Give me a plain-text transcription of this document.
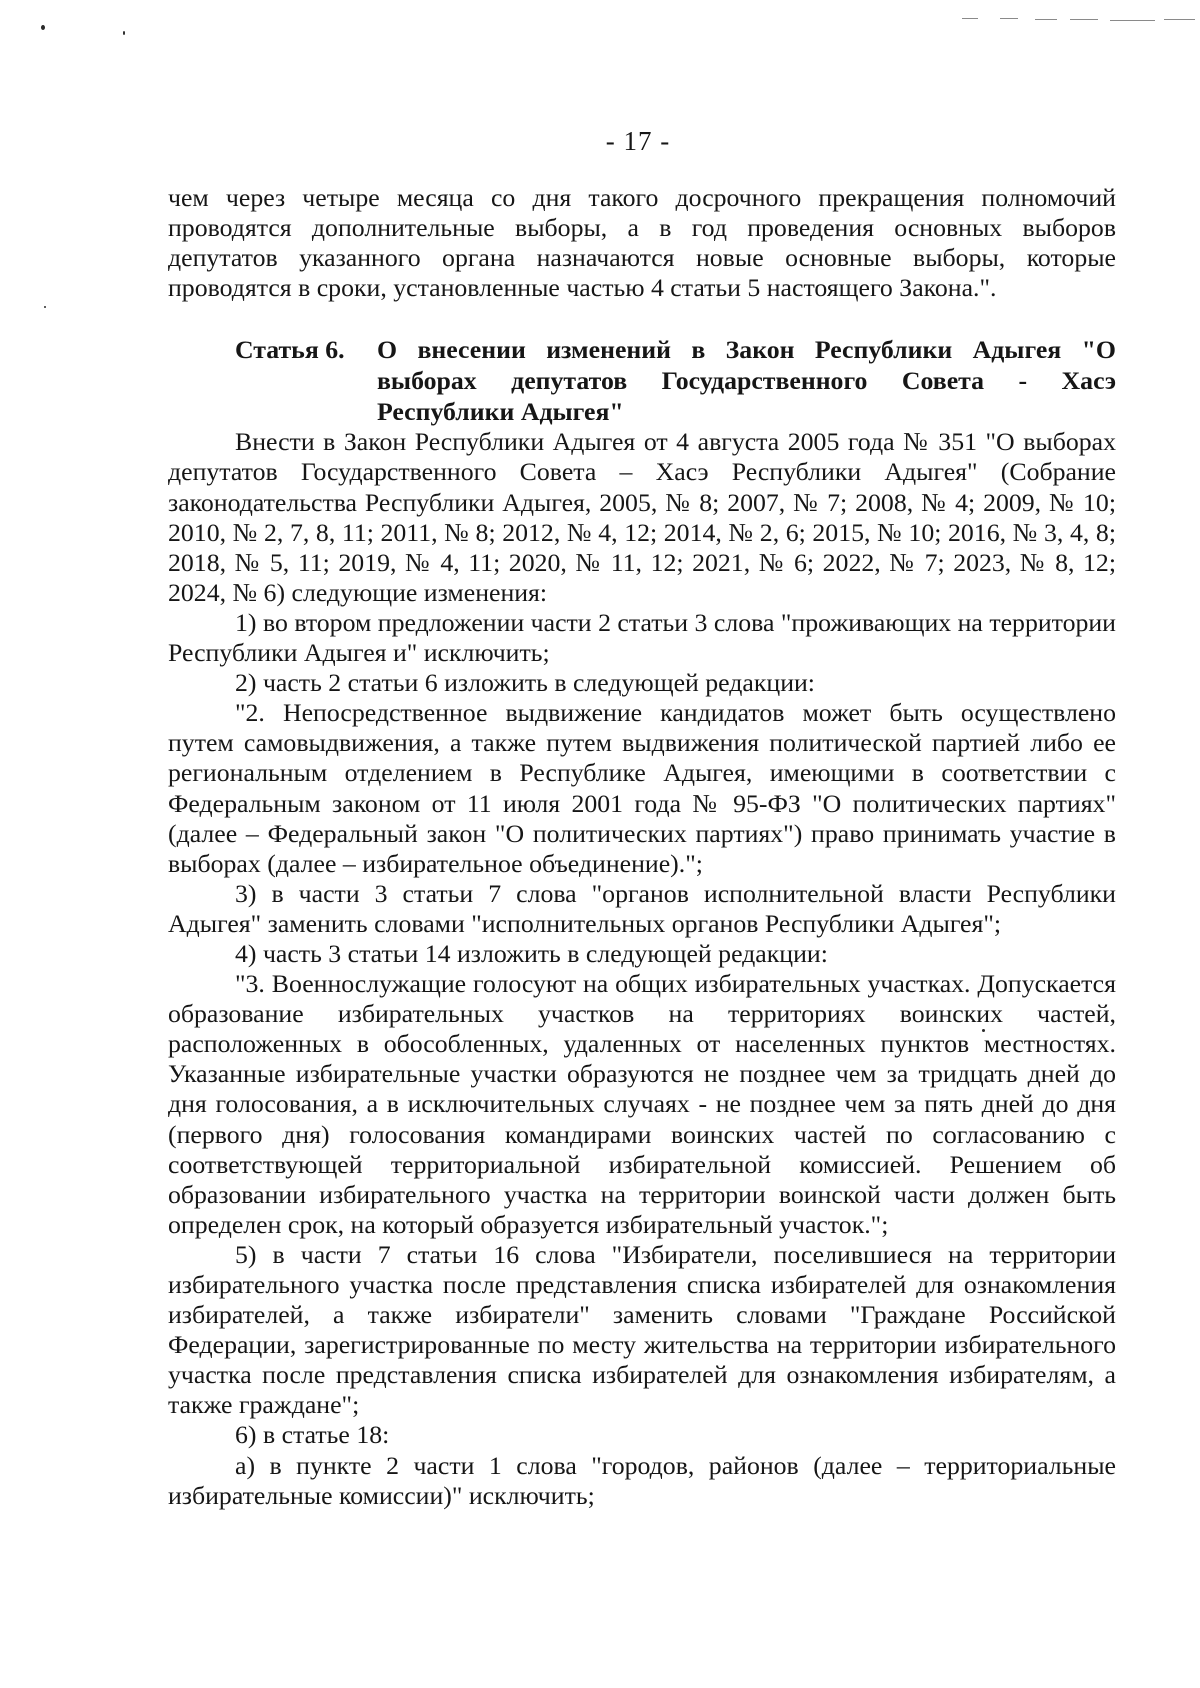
- 17 -

чем через четыре месяца со дня такого досрочного прекращения полномочий проводятся дополнительные выборы, а в год проведения основных выборов депутатов указанного органа назначаются новые основные выборы, которые проводятся в сроки, установленные частью 4 статьи 5 настоящего Закона.".

Статья 6.	О внесении изменений в Закон Республики Адыгея "О выборах депутатов Государственного Совета - Хасэ Республики Адыгея"

Внести в Закон Республики Адыгея от 4 августа 2005 года № 351 "О выборах депутатов Государственного Совета – Хасэ Республики Адыгея" (Собрание законодательства Республики Адыгея, 2005, № 8; 2007, № 7; 2008, № 4; 2009, № 10; 2010, № 2, 7, 8, 11; 2011, № 8; 2012, № 4, 12; 2014, № 2, 6; 2015, № 10; 2016, № 3, 4, 8; 2018, № 5, 11; 2019, № 4, 11; 2020, № 11, 12; 2021, № 6; 2022, № 7; 2023, № 8, 12; 2024, № 6) следующие изменения:

1) во втором предложении части 2 статьи 3 слова "проживающих на территории Республики Адыгея и" исключить;

2) часть 2 статьи 6 изложить в следующей редакции:

"2. Непосредственное выдвижение кандидатов может быть осуществлено путем самовыдвижения, а также путем выдвижения политической партией либо ее региональным отделением в Республике Адыгея, имеющими в соответствии с Федеральным законом от 11 июля 2001 года № 95-ФЗ "О политических партиях" (далее – Федеральный закон "О политических партиях") право принимать участие в выборах (далее – избирательное объединение).";

3) в части 3 статьи 7 слова "органов исполнительной власти Республики Адыгея" заменить словами "исполнительных органов Республики Адыгея";

4) часть 3 статьи 14 изложить в следующей редакции:

"3. Военнослужащие голосуют на общих избирательных участках. Допускается образование избирательных участков на территориях воинских частей, расположенных в обособленных, удаленных от населенных пунктов местностях. Указанные избирательные участки образуются не позднее чем за тридцать дней до дня голосования, а в исключительных случаях - не позднее чем за пять дней до дня (первого дня) голосования командирами воинских частей по согласованию с соответствующей территориальной избирательной комиссией. Решением об образовании избирательного участка на территории воинской части должен быть определен срок, на который образуется избирательный участок.";

5) в части 7 статьи 16 слова "Избиратели, поселившиеся на территории избирательного участка после представления списка избирателей для ознакомления избирателей, а также избиратели" заменить словами "Граждане Российской Федерации, зарегистрированные по месту жительства на территории избирательного участка после представления списка избирателей для ознакомления избирателям, а также граждане";

6) в статье 18:

а) в пункте 2 части 1 слова "городов, районов (далее – территориальные избирательные комиссии)" исключить;
